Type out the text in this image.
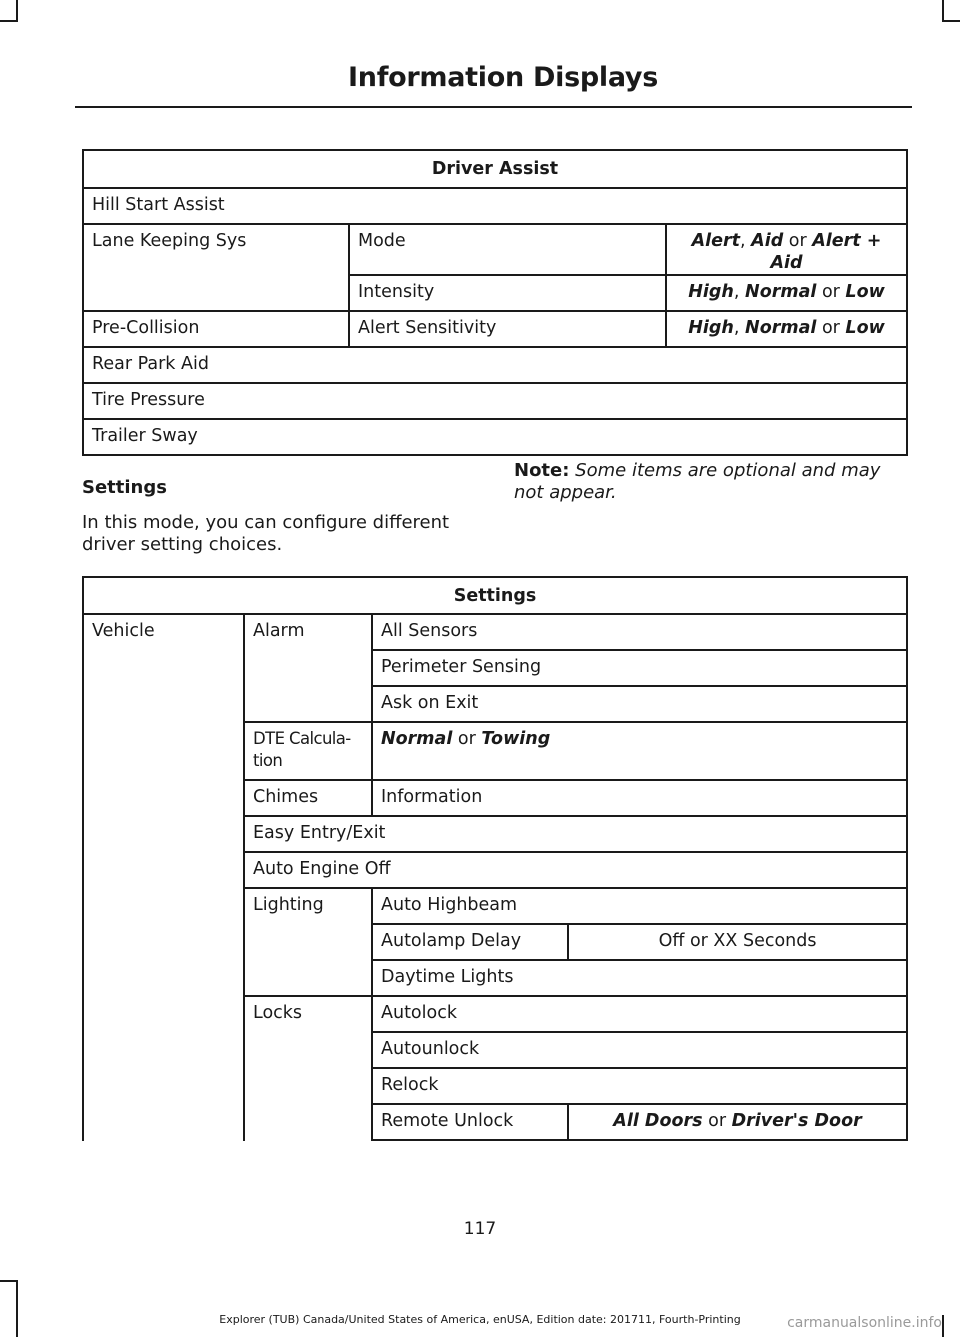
Information Displays
Driver Assist		
Hill Start Assist		
Lane Keeping Sys	Mode	Alert, Aid or Alert + Aid
	Intensity	High, Normal or Low
Pre-Collision	Alert Sensitivity	High, Normal or Low
Rear Park Aid		
Tire Pressure		
Trailer Sway		
Settings
In this mode, you can configure different driver setting choices.
Note: Some items are optional and may not appear.
Settings			
Vehicle	Alarm	All Sensors	
		Perimeter Sensing	
		Ask on Exit	
	DTE Calcula-tion	Normal or Towing	
	Chimes	Information	
	Easy Entry/Exit		
	Auto Engine Off		
	Lighting	Auto Highbeam	
		Autolamp Delay	Off or XX Seconds
		Daytime Lights	
	Locks	Autolock	
		Autounlock	
		Relock	
		Remote Unlock	All Doors or Driver's Door

117
Explorer (TUB) Canada/United States of America, enUSA, Edition date: 201711, Fourth-Printing	carmanualsonline.info
